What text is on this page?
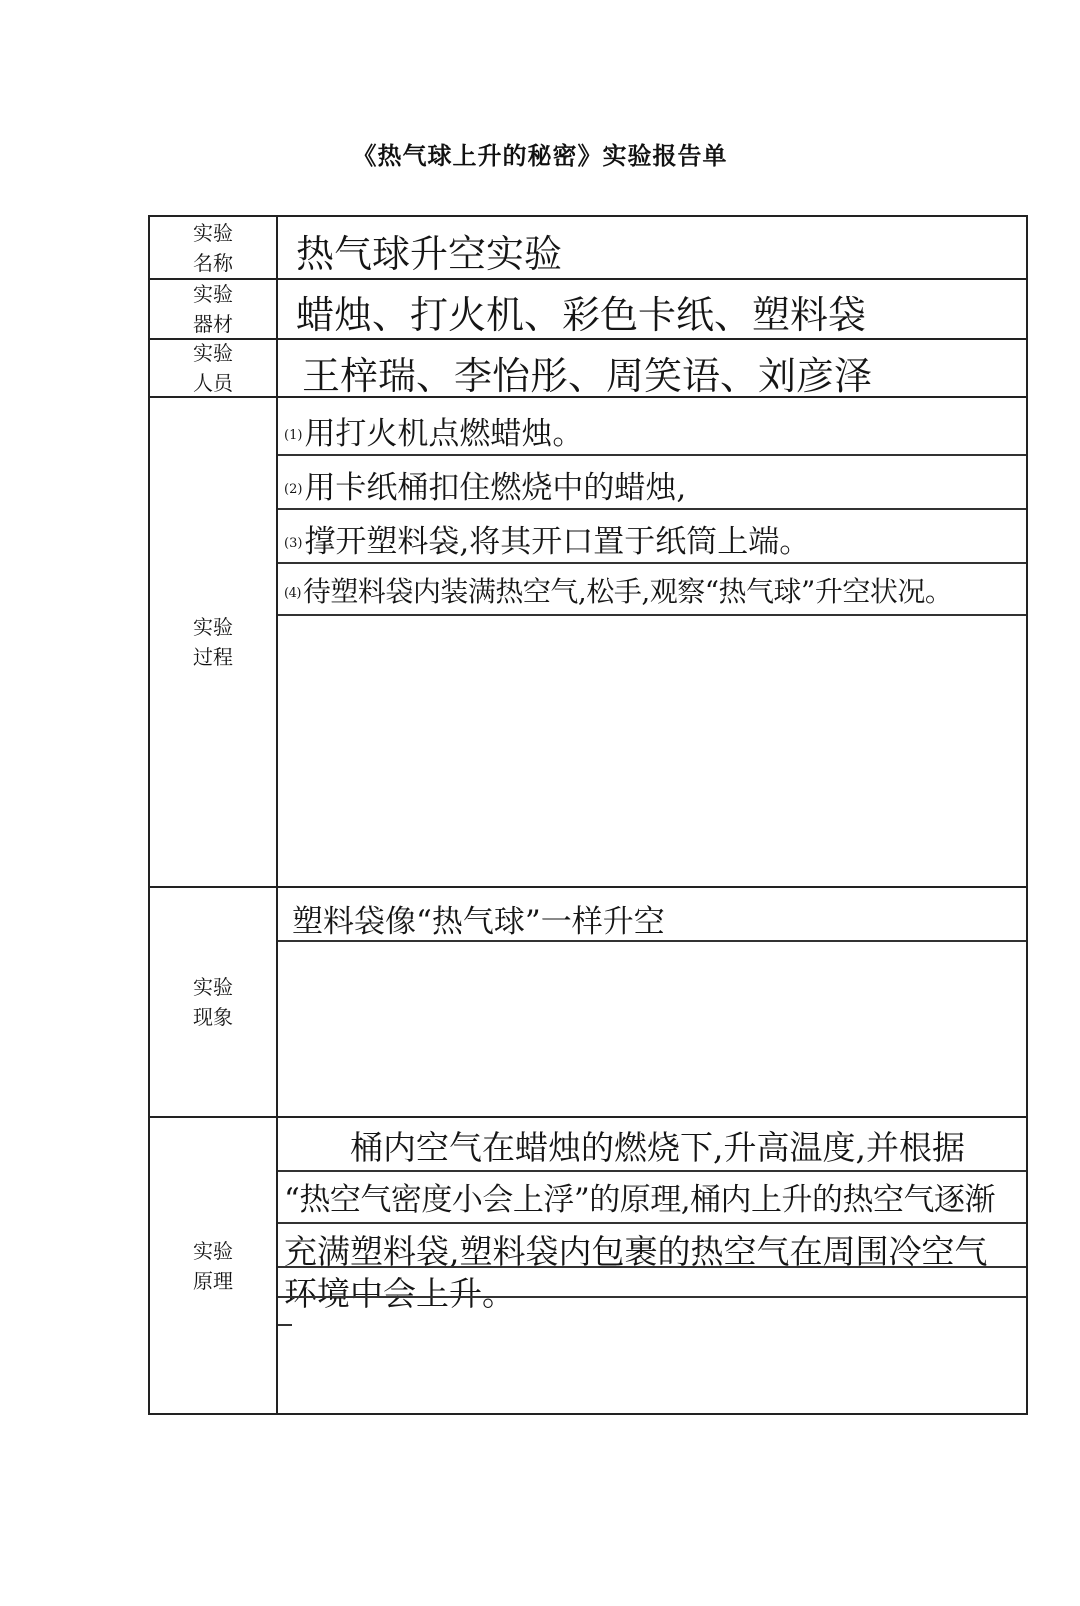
《热气球上升的秘密》实验报告单
实验名称 热气球升空实验
实验器材 蜡烛、打火机、彩色卡纸、塑料袋
实验人员 王梓瑞、李怡彤、周笑语、刘彦泽
实验过程
(1)用打火机点燃蜡烛。
(2)用卡纸桶扣住燃烧中的蜡烛,
(3)撑开塑料袋,将其开口置于纸筒上端。
(4)待塑料袋内装满热空气,松手,观察“热气球”升空状况。
实验现象
塑料袋像“热气球”一样升空
实验原理
　　桶内空气在蜡烛的燃烧下,升高温度,并根据
“热空气密度小会上浮”的原理,桶内上升的热空气逐渐
充满塑料袋,塑料袋内包裹的热空气在周围冷空气
环境中会上升。
